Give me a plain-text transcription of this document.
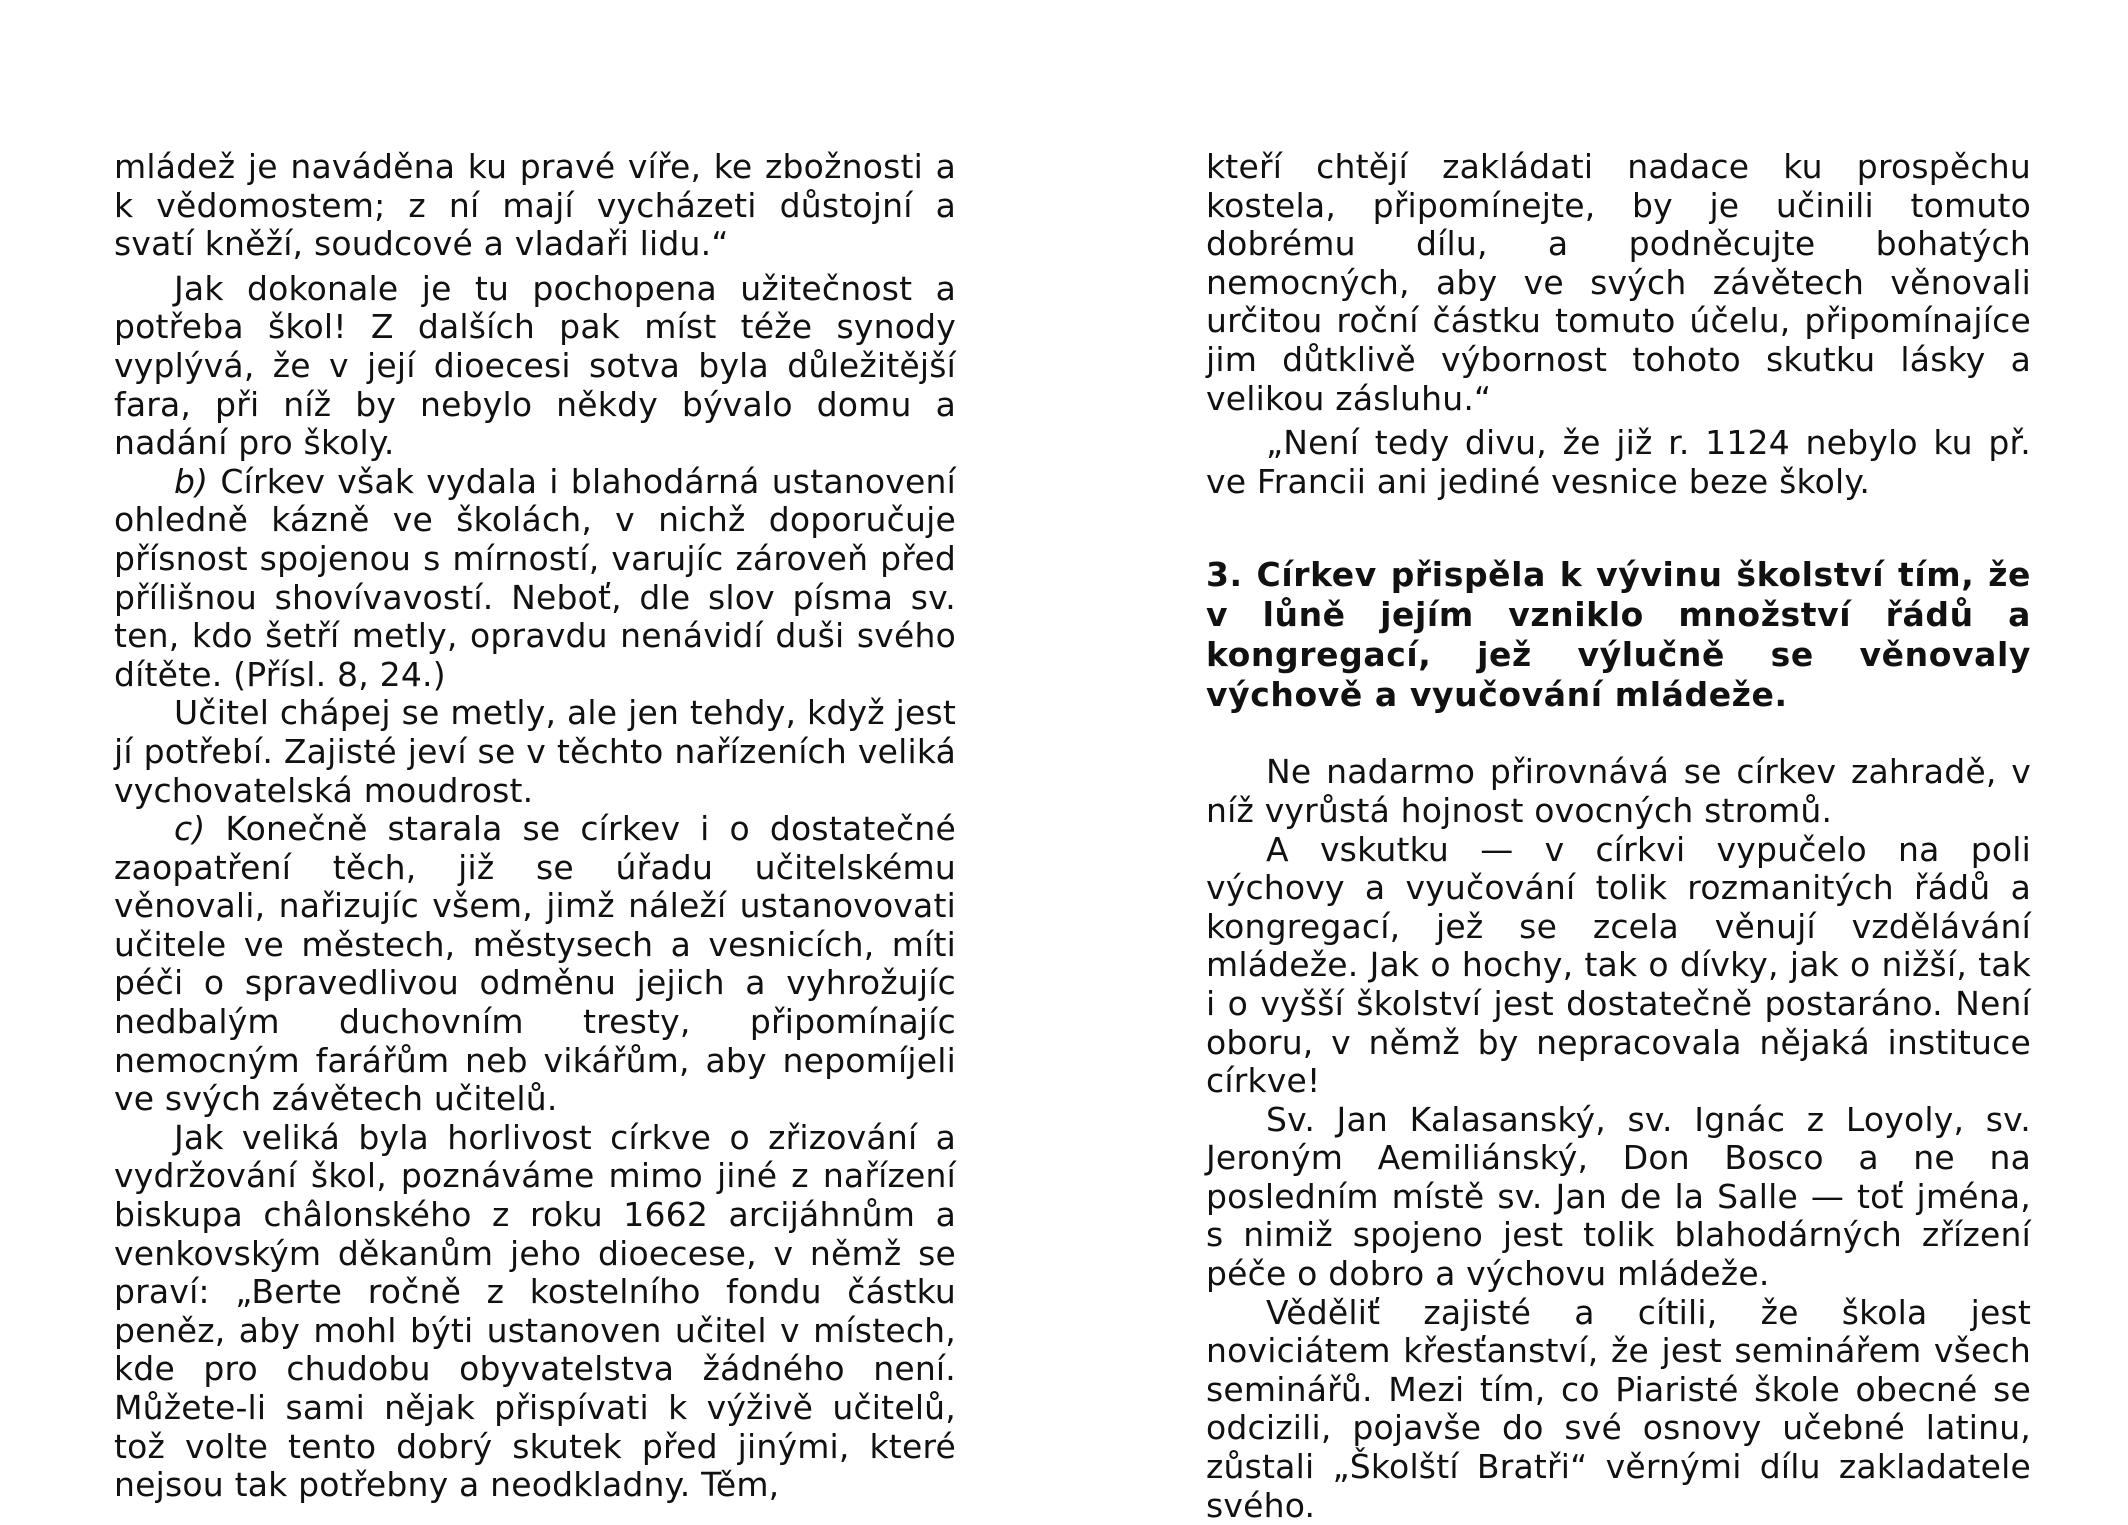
mládež je naváděna ku pravé víře, ke zbožnosti a k vědomostem; z ní mají vycházeti důstojní a svatí kněží, soudcové a vladaři lidu.“

Jak dokonale je tu pochopena užitečnost a potřeba škol! Z dalších pak míst téže synody vyplývá, že v její dioecesi sotva byla důležitější fara, při níž by nebylo někdy bývalo domu a nadání pro školy.

b) Církev však vydala i blahodárná ustanovení ohledně kázně ve školách, v nichž doporučuje přísnost spojenou s mírností, varujíc zároveň před přílišnou shovívavostí. Neboť, dle slov písma sv. ten, kdo šetří metly, opravdu nenávidí duši svého dítěte. (Přísl. 8, 24.)

Učitel chápej se metly, ale jen tehdy, když jest jí potřebí. Zajisté jeví se v těchto nařízeních veliká vychovatelská moudrost.

c) Konečně starala se církev i o dostatečné zaopatření těch, již se úřadu učitelskému věnovali, nařizujíc všem, jimž náleží ustanovovati učitele ve městech, městysech a vesnicích, míti péči o spravedlivou odměnu jejich a vyhrožujíc nedbalým duchovním tresty, připomínajíc nemocným farářům neb vikářům, aby nepomíjeli ve svých závětech učitelů.

Jak veliká byla horlivost církve o zřizování a vydržování škol, poznáváme mimo jiné z nařízení biskupa châlonského z roku 1662 arcijáhnům a venkovským děkanům jeho dioecese, v němž se praví: „Berte ročně z kostelního fondu částku peněz, aby mohl býti ustanoven učitel v místech, kde pro chudobu obyvatelstva žádného není. Můžete-li sami nějak přispívati k výživě učitelů, tož volte tento dobrý skutek před jinými, které nejsou tak potřebny a neodkladny. Těm,

kteří chtějí zakládati nadace ku prospěchu kostela, připomínejte, by je učinili tomuto dobrému dílu, a podněcujte bohatých nemocných, aby ve svých závětech věnovali určitou roční částku tomuto účelu, připomínajíce jim důtklivě výbornost tohoto skutku lásky a velikou zásluhu.“

„Není tedy divu, že již r. 1124 nebylo ku př. ve Francii ani jediné vesnice beze školy.

3. Církev přispěla k vývinu školství tím, že v lůně jejím vzniklo množství řádů a kongregací, jež výlučně se věnovaly výchově a vyučování mládeže.

Ne nadarmo přirovnává se církev zahradě, v níž vyrůstá hojnost ovocných stromů.

A vskutku — v církvi vypučelo na poli výchovy a vyučování tolik rozmanitých řádů a kongregací, jež se zcela věnují vzdělávání mládeže. Jak o hochy, tak o dívky, jak o nižší, tak i o vyšší školství jest dostatečně postaráno. Není oboru, v němž by nepracovala nějaká instituce církve!

Sv. Jan Kalasanský, sv. Ignác z Loyoly, sv. Jeroným Aemiliánský, Don Bosco a ne na posledním místě sv. Jan de la Salle — toť jména, s nimiž spojeno jest tolik blahodárných zřízení péče o dobro a výchovu mládeže.

Věděliť zajisté a cítili, že škola jest noviciátem křesťanství, že jest seminářem všech seminářů. Mezi tím, co Piaristé škole obecné se odcizili, pojavše do své osnovy učebné latinu, zůstali „Školští Bratři“ věrnými dílu zakladatele svého.
